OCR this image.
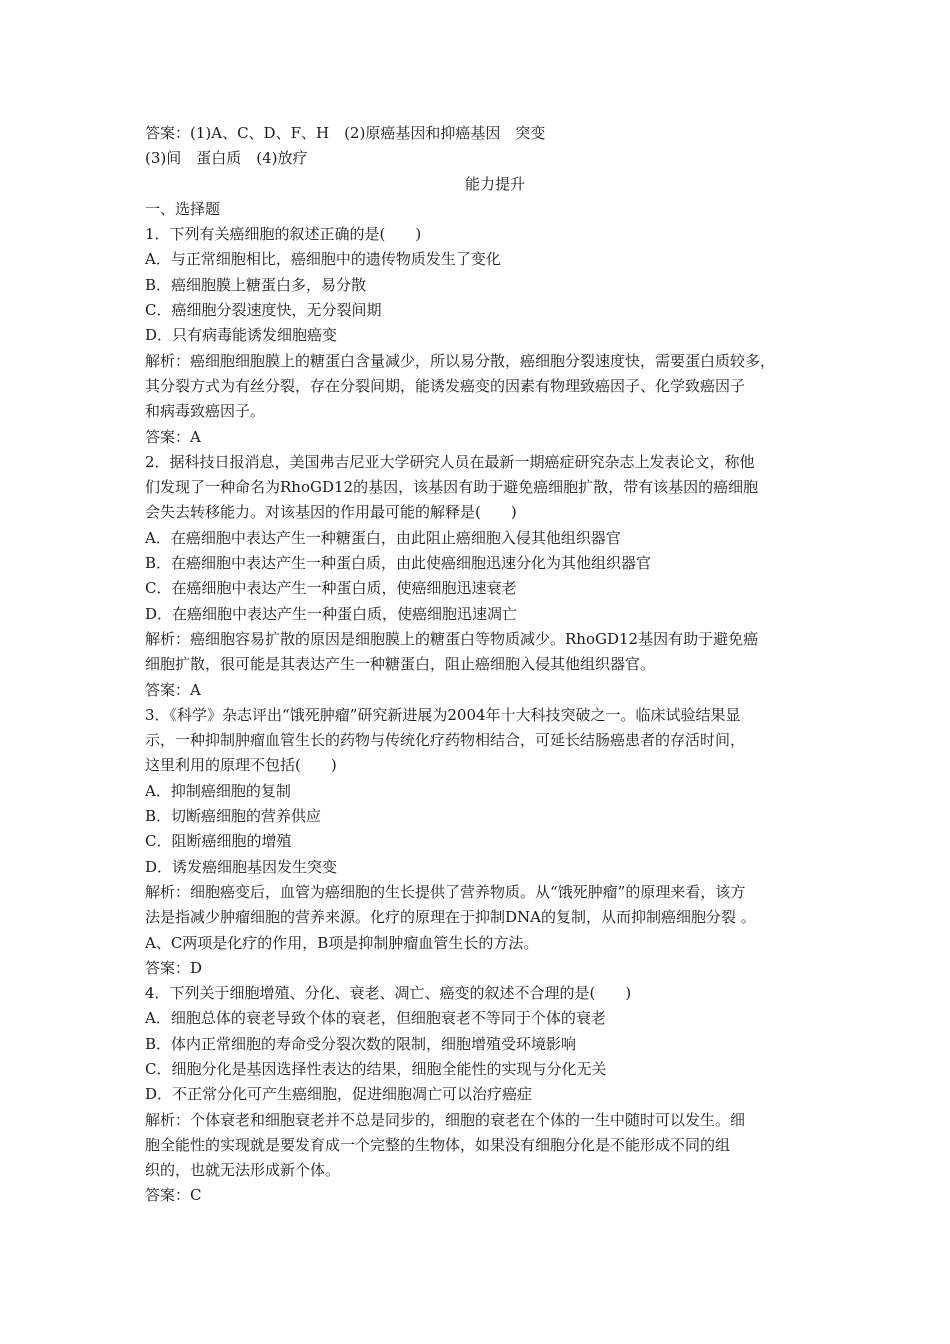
答案：(1)A、C、D、F、H　(2)原癌基因和抑癌基因　突变
(3)间　蛋白质　(4)放疗
能力提升
一、选择题
1．下列有关癌细胞的叙述正确的是(　　)
A．与正常细胞相比，癌细胞中的遗传物质发生了变化
B．癌细胞膜上糖蛋白多，易分散
C．癌细胞分裂速度快，无分裂间期
D．只有病毒能诱发细胞癌变
解析：癌细胞细胞膜上的糖蛋白含量减少，所以易分散，癌细胞分裂速度快，需要蛋白质较多，
其分裂方式为有丝分裂，存在分裂间期，能诱发癌变的因素有物理致癌因子、化学致癌因子
和病毒致癌因子。
答案：A
2．据科技日报消息，美国弗吉尼亚大学研究人员在最新一期癌症研究杂志上发表论文，称他
们发现了一种命名为RhoGD12的基因，该基因有助于避免癌细胞扩散，带有该基因的癌细胞
会失去转移能力。对该基因的作用最可能的解释是(　　)
A．在癌细胞中表达产生一种糖蛋白，由此阻止癌细胞入侵其他组织器官
B．在癌细胞中表达产生一种蛋白质，由此使癌细胞迅速分化为其他组织器官
C．在癌细胞中表达产生一种蛋白质，使癌细胞迅速衰老
D．在癌细胞中表达产生一种蛋白质，使癌细胞迅速凋亡
解析：癌细胞容易扩散的原因是细胞膜上的糖蛋白等物质减少。RhoGD12基因有助于避免癌
细胞扩散，很可能是其表达产生一种糖蛋白，阻止癌细胞入侵其他组织器官。
答案：A
3．《科学》杂志评出“饿死肿瘤”研究新进展为2004年十大科技突破之一。临床试验结果显
示，一种抑制肿瘤血管生长的药物与传统化疗药物相结合，可延长结肠癌患者的存活时间，
这里利用的原理不包括(　　)
A．抑制癌细胞的复制
B．切断癌细胞的营养供应
C．阻断癌细胞的增殖
D．诱发癌细胞基因发生突变
解析：细胞癌变后，血管为癌细胞的生长提供了营养物质。从“饿死肿瘤”的原理来看，该方
法是指减少肿瘤细胞的营养来源。化疗的原理在于抑制DNA的复制，从而抑制癌细胞分裂 。
A、C两项是化疗的作用，B项是抑制肿瘤血管生长的方法。
答案：D
4．下列关于细胞增殖、分化、衰老、凋亡、癌变的叙述不合理的是(　　)
A．细胞总体的衰老导致个体的衰老，但细胞衰老不等同于个体的衰老
B．体内正常细胞的寿命受分裂次数的限制，细胞增殖受环境影响
C．细胞分化是基因选择性表达的结果，细胞全能性的实现与分化无关
D．不正常分化可产生癌细胞，促进细胞凋亡可以治疗癌症
解析：个体衰老和细胞衰老并不总是同步的，细胞的衰老在个体的一生中随时可以发生。细
胞全能性的实现就是要发育成一个完整的生物体，如果没有细胞分化是不能形成不同的组
织的，也就无法形成新个体。
答案：C
